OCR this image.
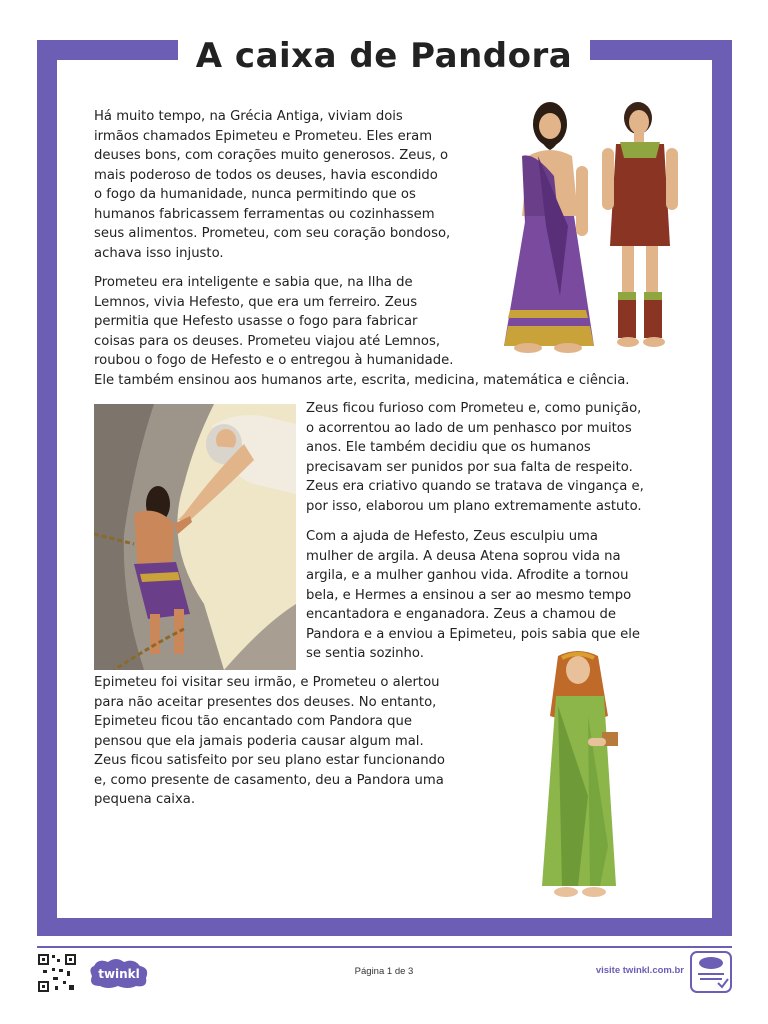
A caixa de Pandora

Há muito tempo, na Grécia Antiga, viviam dois
irmãos chamados Epimeteu e Prometeu. Eles eram
deuses bons, com corações muito generosos. Zeus, o
mais poderoso de todos os deuses, havia escondido
o fogo da humanidade, nunca permitindo que os
humanos fabricassem ferramentas ou cozinhassem
seus alimentos. Prometeu, com seu coração bondoso,
achava isso injusto.

Prometeu era inteligente e sabia que, na Ilha de
Lemnos, vivia Hefesto, que era um ferreiro. Zeus
permitia que Hefesto usasse o fogo para fabricar
coisas para os deuses. Prometeu viajou até Lemnos,
roubou o fogo de Hefesto e o entregou à humanidade.
Ele também ensinou aos humanos arte, escrita, medicina, matemática e ciência.

Zeus ficou furioso com Prometeu e, como punição,
o acorrentou ao lado de um penhasco por muitos
anos. Ele também decidiu que os humanos
precisavam ser punidos por sua falta de respeito.
Zeus era criativo quando se tratava de vingança e,
por isso, elaborou um plano extremamente astuto.

Com a ajuda de Hefesto, Zeus esculpiu uma
mulher de argila. A deusa Atena soprou vida na
argila, e a mulher ganhou vida. Afrodite a tornou
bela, e Hermes a ensinou a ser ao mesmo tempo
encantadora e enganadora. Zeus a chamou de
Pandora e a enviou a Epimeteu, pois sabia que ele
se sentia sozinho.

Epimeteu foi visitar seu irmão, e Prometeu o alertou
para não aceitar presentes dos deuses. No entanto,
Epimeteu ficou tão encantado com Pandora que
pensou que ela jamais poderia causar algum mal.
Zeus ficou satisfeito por seu plano estar funcionando
e, como presente de casamento, deu a Pandora uma
pequena caixa.

twinkl	Página 1 de 3	visite twinkl.com.br
